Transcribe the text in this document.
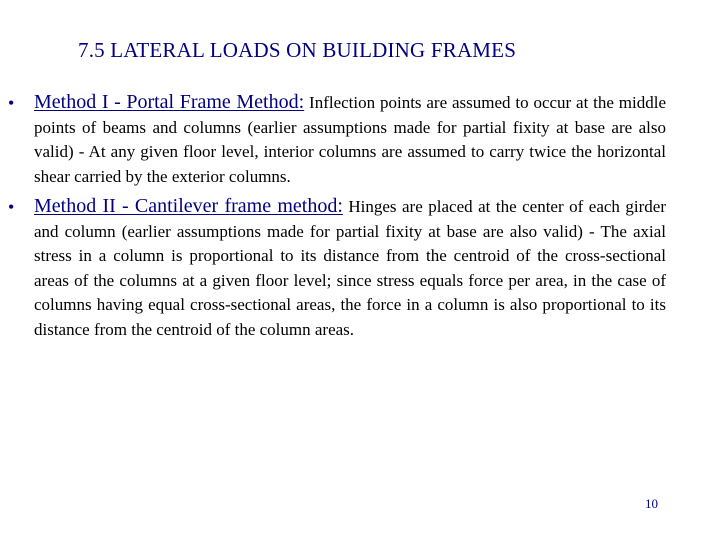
7.5 LATERAL LOADS ON BUILDING FRAMES
• Method I - Portal Frame Method: Inflection points are assumed to occur at the middle points of beams and columns (earlier assumptions made for partial fixity at base are also valid) - At any given floor level, interior columns are assumed to carry twice the horizontal shear carried by the exterior columns.

• Method II - Cantilever frame method: Hinges are placed at the center of each girder and column (earlier assumptions made for partial fixity at base are also valid) - The axial stress in a column is proportional to its distance from the centroid of the cross-sectional areas of the columns at a given floor level; since stress equals force per area, in the case of columns having equal cross-sectional areas, the force in a column is also proportional to its distance from the centroid of the column areas.

10
